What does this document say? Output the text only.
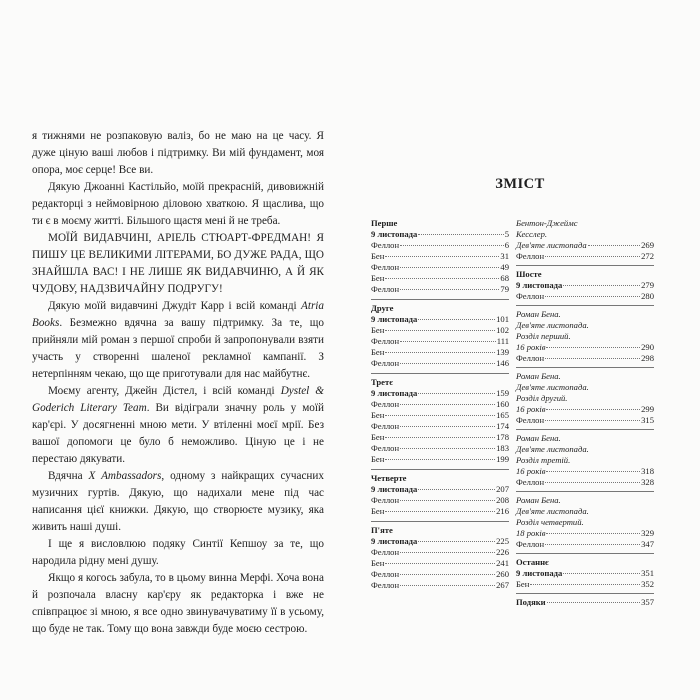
я тижнями не розпаковую валіз, бо не маю на це часу. Я дуже ціную ваші любов і підтримку. Ви мій фундамент, моя опора, моє серце! Все ви.

Дякую Джоанні Кастільйо, моїй прекрасній, дивовижній редакторці з неймовірною діловою хваткою. Я щаслива, що ти є в моєму житті. Більшого щастя мені й не треба.

МОЇЙ ВИДАВЧИНІ, АРІЕЛЬ СТЮАРТ-ФРЕДМАН! Я ПИШУ ЦЕ ВЕЛИКИМИ ЛІТЕРАМИ, БО ДУЖЕ РАДА, ЩО ЗНАЙШЛА ВАС! І НЕ ЛИШЕ ЯК ВИДАВЧИНЮ, А Й ЯК ЧУДОВУ, НАДЗВИЧАЙНУ ПОДРУГУ!

Дякую моїй видавчині Джудіт Карр і всій команді Atria Books. Безмежно вдячна за вашу підтримку. За те, що прийняли мій роман з першої спроби й запропонували взяти участь у створенні шаленої рекламної кампанії. З нетерпінням чекаю, що ще приготували для нас майбутнє.

Моєму агенту, Джейн Дістел, і всій команді Dystel & Goderich Literary Team. Ви відіграли значну роль у моїй кар'єрі. У досягненні мною мети. У втіленні моєї мрії. Без вашої допомоги це було б неможливо. Ціную це і не перестаю дякувати.

Вдячна X Ambassadors, одному з найкращих сучасних музичних гуртів. Дякую, що надихали мене під час написання цієї книжки. Дякую, що створюєте музику, яка живить наші душі.

І ще я висловлюю подяку Синтії Кепшоу за те, що народила рідну мені душу.

Якщо я когось забула, то в цьому винна Мерфі. Хоча вона й розпочала власну кар'єру як редакторка і вже не співпрацює зі мною, я все одно звинувачуватиму її в усьому, що буде не так. Тому що вона завжди буде моєю сестрою.

ЗМІСТ
Перше
9 листопада	5
Феллон	6
Бен	31
Феллон	49
Бен	68
Феллон	79
Друге
9 листопада	101
Бен	102
Феллон	111
Бен	139
Феллон	146
Третє
9 листопада	159
Феллон	160
Бен	165
Феллон	174
Бен	178
Феллон	183
Бен	199
Четверте
9 листопада	207
Феллон	208
Бен	216
П'яте
9 листопада	225
Феллон	226
Бен	241
Феллон	260
Феллон	267
Бентон-Джеймс
Кесслер.
Дев'яте листопада	269
Феллон	272
Шосте
9 листопада	279
Феллон	280
Роман Бена.
Дев'яте листопада.
Розділ перший.
16 років	290
Феллон	298
Роман Бена.
Дев'яте листопада.
Розділ другий.
16 років	299
Феллон	315
Роман Бена.
Дев'яте листопада.
Розділ третій.
16 років	318
Феллон	328
Роман Бена.
Дев'яте листопада.
Розділ четвертий.
18 років	329
Феллон	347
Останнє
9 листопада	351
Бен	352
Подяки	357
